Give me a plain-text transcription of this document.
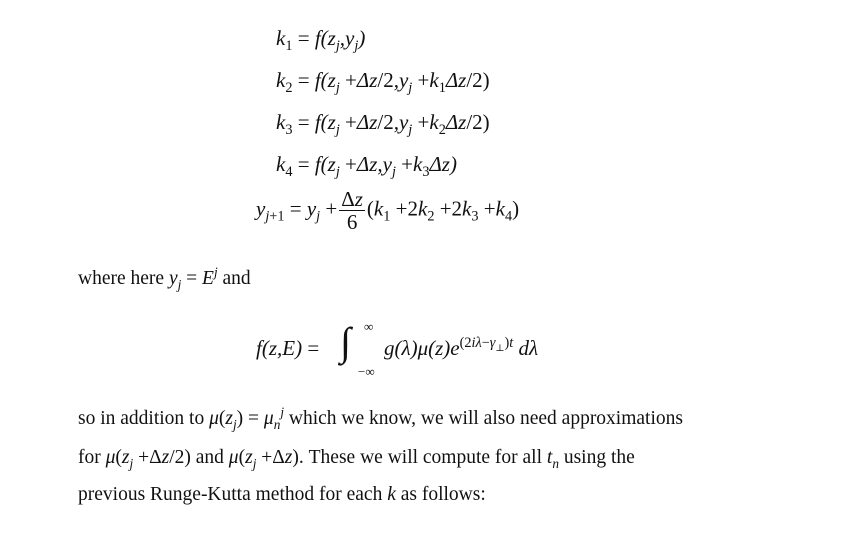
$k_1 = f(z_j,y_j)$
$k_2 = f(z_j +\Delta z/2,y_j +k_1\Delta z/2)$
$k_3 = f(z_j +\Delta z/2,y_j +k_2\Delta z/2)$
$k_4 = f(z_j +\Delta z,y_j +k_3\Delta z)$
$y_{j+1} = y_j + \frac{\Delta z}{6} (k_1 +2k_2 +2k_3 +k_4)$
where here $y_j = E^j$ and
f(z,E) = ∫ ∞
−∞
$g(\lambda)\mu(z)e^{(2i\lambda-\gamma_\perp)t}$ dλ
so in addition to $\mu(z_j) = \mu_n^j$ which we know, we will also need approximations
for $\mu(z_j +\Delta z/2)$ and $\mu(z_j +\Delta z)$. These we will compute for all $t_n$ using the
previous Runge-Kutta method for each k as follows:
